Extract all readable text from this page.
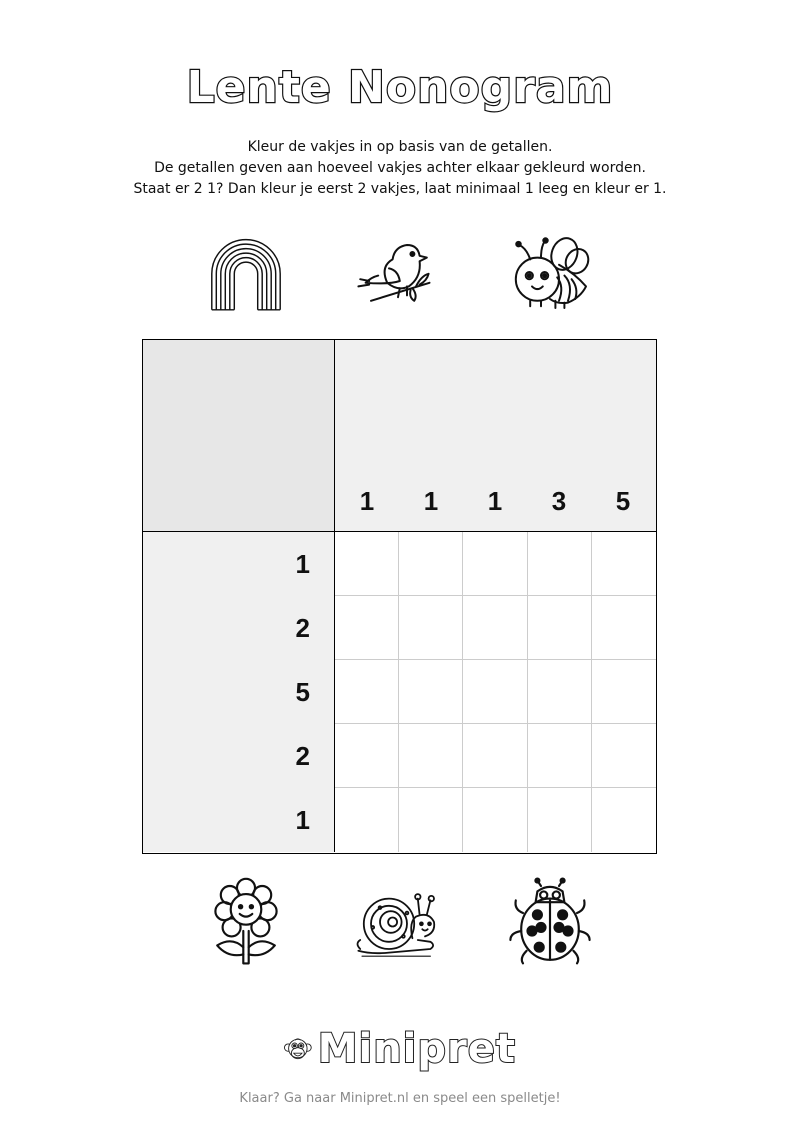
Lente Nonogram
Kleur de vakjes in op basis van de getallen.
De getallen geven aan hoeveel vakjes achter elkaar gekleurd worden.
Staat er 2 1? Dan kleur je eerst 2 vakjes, laat minimaal 1 leeg en kleur er 1.
1	1	1	3	5
1
2
5
2
1
Minipret
Klaar? Ga naar Minipret.nl en speel een spelletje!
